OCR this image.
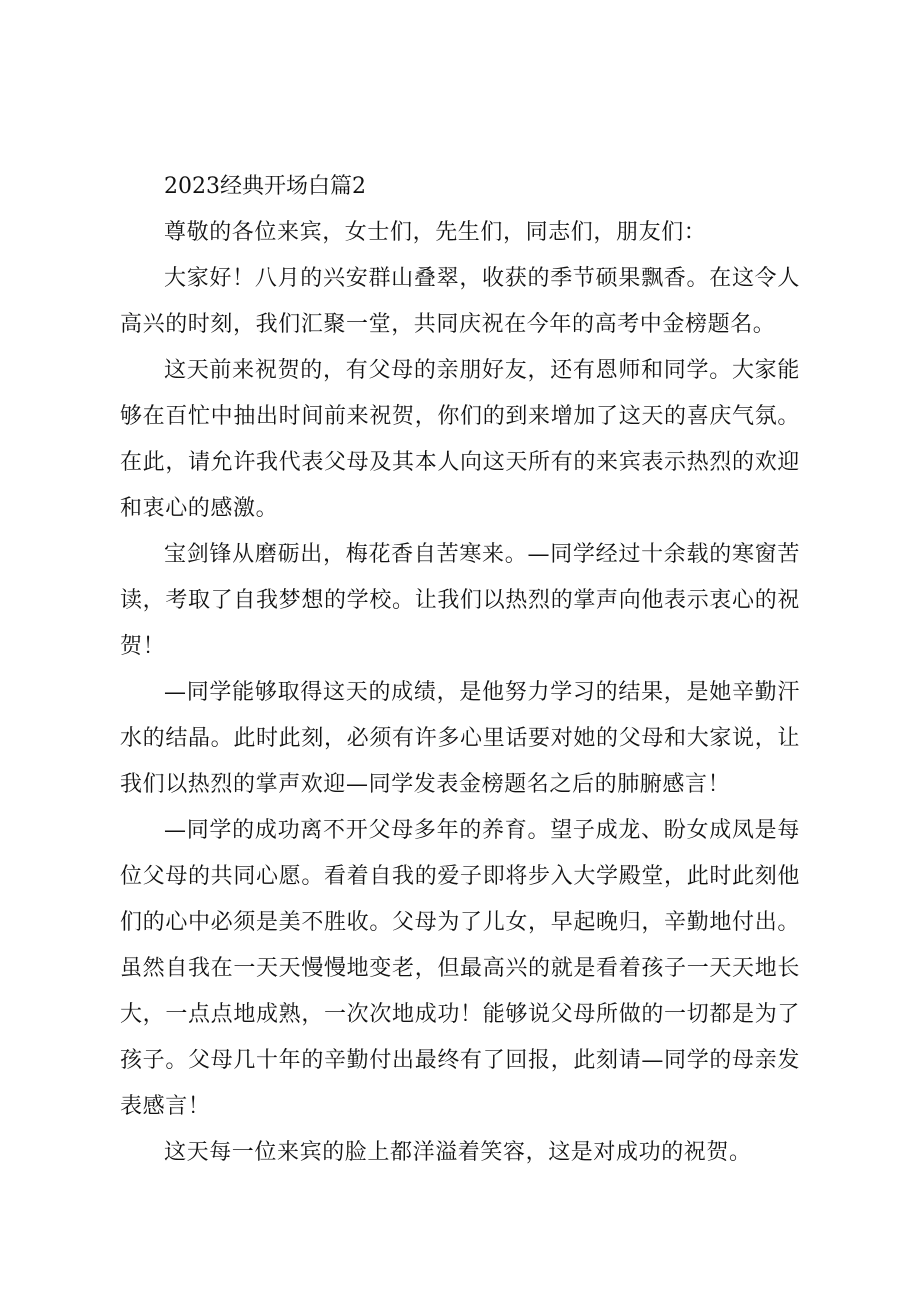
2023经典开场白篇2

尊敬的各位来宾，女士们，先生们，同志们，朋友们：

大家好！八月的兴安群山叠翠，收获的季节硕果飘香。在这令人高兴的时刻，我们汇聚一堂，共同庆祝在今年的高考中金榜题名。

这天前来祝贺的，有父母的亲朋好友，还有恩师和同学。大家能够在百忙中抽出时间前来祝贺，你们的到来增加了这天的喜庆气氛。在此，请允许我代表父母及其本人向这天所有的来宾表示热烈的欢迎和衷心的感激。

宝剑锋从磨砺出，梅花香自苦寒来。—同学经过十余载的寒窗苦读，考取了自我梦想的学校。让我们以热烈的掌声向他表示衷心的祝贺！

—同学能够取得这天的成绩，是他努力学习的结果，是她辛勤汗水的结晶。此时此刻，必须有许多心里话要对她的父母和大家说，让我们以热烈的掌声欢迎—同学发表金榜题名之后的肺腑感言！

—同学的成功离不开父母多年的养育。望子成龙、盼女成凤是每位父母的共同心愿。看着自我的爱子即将步入大学殿堂，此时此刻他们的心中必须是美不胜收。父母为了儿女，早起晚归，辛勤地付出。虽然自我在一天天慢慢地变老，但最高兴的就是看着孩子一天天地长大，一点点地成熟，一次次地成功！能够说父母所做的一切都是为了孩子。父母几十年的辛勤付出最终有了回报，此刻请—同学的母亲发表感言！

这天每一位来宾的脸上都洋溢着笑容，这是对成功的祝贺。
